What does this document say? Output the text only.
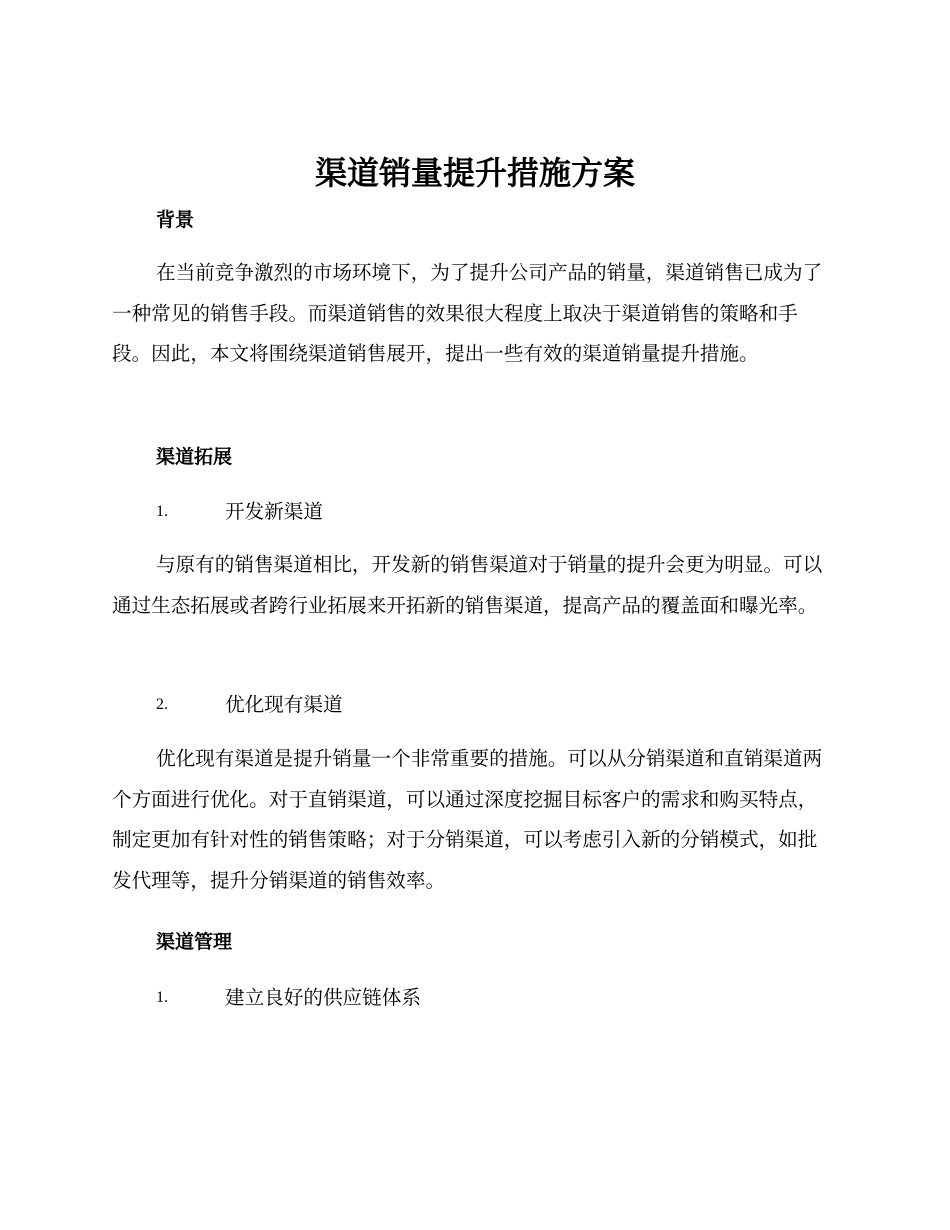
渠道销量提升措施方案
背景

在当前竞争激烈的市场环境下，为了提升公司产品的销量，渠道销售已成为了一种常见的销售手段。而渠道销售的效果很大程度上取决于渠道销售的策略和手段。因此，本文将围绕渠道销售展开，提出一些有效的渠道销量提升措施。

渠道拓展
1.	开发新渠道

与原有的销售渠道相比，开发新的销售渠道对于销量的提升会更为明显。可以通过生态拓展或者跨行业拓展来开拓新的销售渠道，提高产品的覆盖面和曝光率。

2.	优化现有渠道

优化现有渠道是提升销量一个非常重要的措施。可以从分销渠道和直销渠道两个方面进行优化。对于直销渠道，可以通过深度挖掘目标客户的需求和购买特点，制定更加有针对性的销售策略；对于分销渠道，可以考虑引入新的分销模式，如批发代理等，提升分销渠道的销售效率。

渠道管理
1.	建立良好的供应链体系
